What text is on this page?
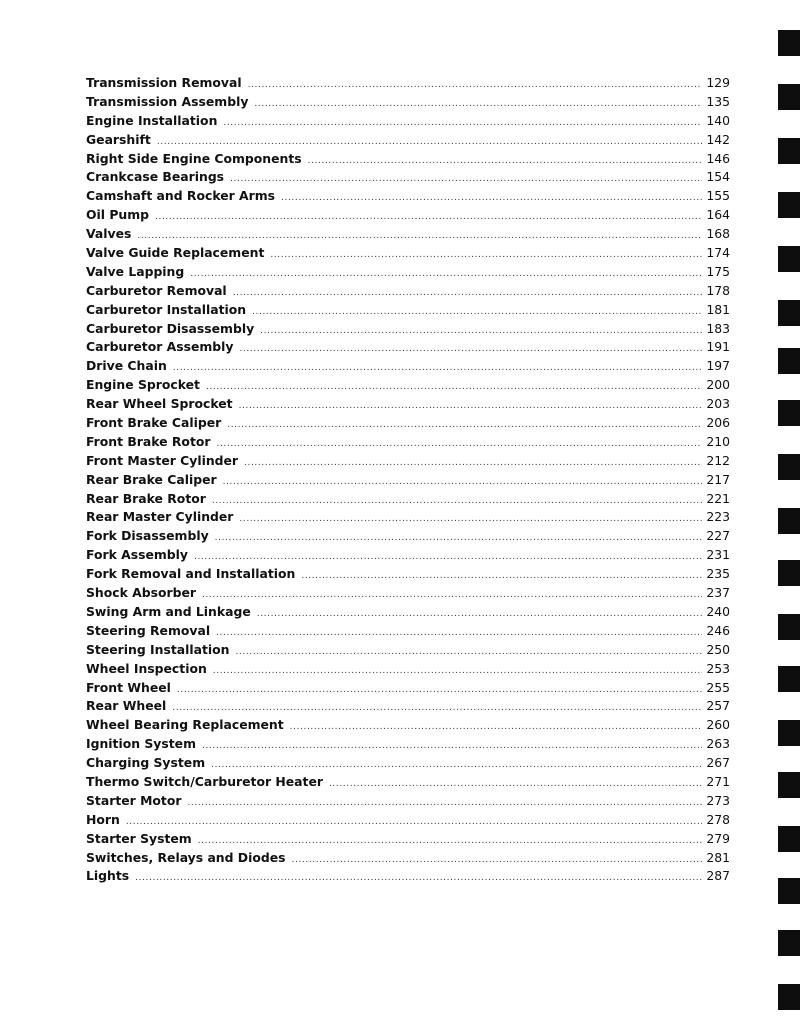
Transmission Removal .....	129
Transmission Assembly .....	135
Engine Installation .....	140
Gearshift .....	142
Right Side Engine Components .....	146
Crankcase Bearings .....	154
Camshaft and Rocker Arms .....	155
Oil Pump .....	164
Valves .....	168
Valve Guide Replacement .....	174
Valve Lapping .....	175
Carburetor Removal .....	178
Carburetor Installation .....	181
Carburetor Disassembly .....	183
Carburetor Assembly .....	191
Drive Chain .....	197
Engine Sprocket .....	200
Rear Wheel Sprocket .....	203
Front Brake Caliper .....	206
Front Brake Rotor .....	210
Front Master Cylinder .....	212
Rear Brake Caliper .....	217
Rear Brake Rotor .....	221
Rear Master Cylinder .....	223
Fork Disassembly .....	227
Fork Assembly .....	231
Fork Removal and Installation .....	235
Shock Absorber .....	237
Swing Arm and Linkage .....	240
Steering Removal .....	246
Steering Installation .....	250
Wheel Inspection .....	253
Front Wheel .....	255
Rear Wheel .....	257
Wheel Bearing Replacement .....	260
Ignition System .....	263
Charging System .....	267
Thermo Switch/Carburetor Heater .....	271
Starter Motor .....	273
Horn .....	278
Starter System .....	279
Switches, Relays and Diodes .....	281
Lights .....	287
